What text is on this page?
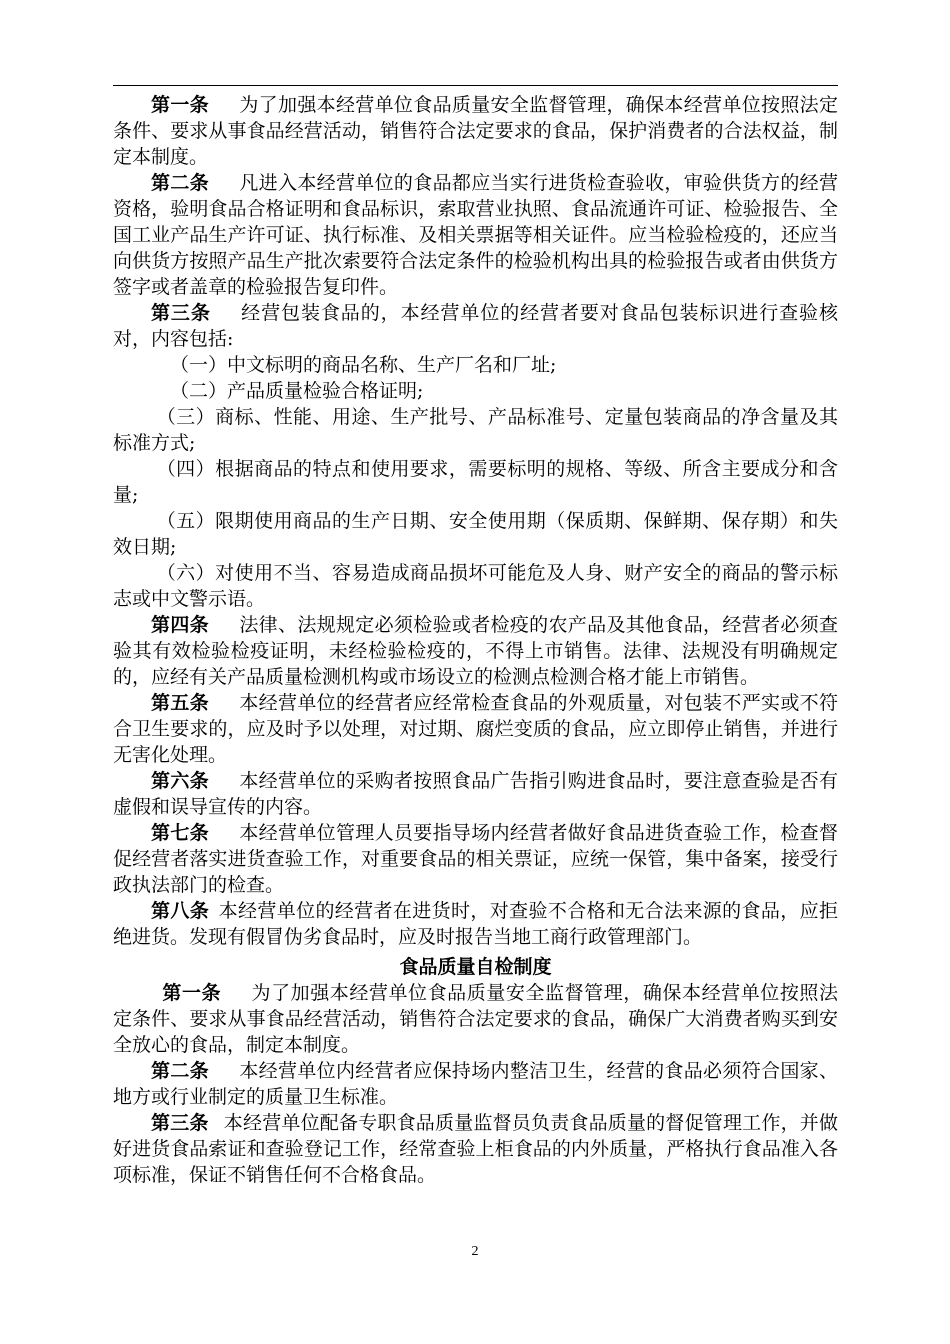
第一条 为了加强本经营单位食品质量安全监督管理，确保本经营单位按照法定条件、要求从事食品经营活动，销售符合法定要求的食品，保护消费者的合法权益，制定本制度。

第二条 凡进入本经营单位的食品都应当实行进货检查验收，审验供货方的经营资格，验明食品合格证明和食品标识，索取营业执照、食品流通许可证、检验报告、全国工业产品生产许可证、执行标准、及相关票据等相关证件。应当检验检疫的，还应当向供货方按照产品生产批次索要符合法定条件的检验机构出具的检验报告或者由供货方签字或者盖章的检验报告复印件。

第三条 经营包装食品的，本经营单位的经营者要对食品包装标识进行查验核对，内容包括:

（一）中文标明的商品名称、生产厂名和厂址;

（二）产品质量检验合格证明;

（三）商标、性能、用途、生产批号、产品标准号、定量包装商品的净含量及其标准方式;

（四）根据商品的特点和使用要求，需要标明的规格、等级、所含主要成分和含量;

（五）限期使用商品的生产日期、安全使用期（保质期、保鲜期、保存期）和失效日期;

（六）对使用不当、容易造成商品损坏可能危及人身、财产安全的商品的警示标志或中文警示语。

第四条 法律、法规规定必须检验或者检疫的农产品及其他食品，经营者必须查验其有效检验检疫证明，未经检验检疫的，不得上市销售。法律、法规没有明确规定的，应经有关产品质量检测机构或市场设立的检测点检测合格才能上市销售。

第五条 本经营单位的经营者应经常检查食品的外观质量，对包装不严实或不符合卫生要求的，应及时予以处理，对过期、腐烂变质的食品，应立即停止销售，并进行无害化处理。

第六条 本经营单位的采购者按照食品广告指引购进食品时，要注意查验是否有虚假和误导宣传的内容。

第七条 本经营单位管理人员要指导场内经营者做好食品进货查验工作，检查督促经营者落实进货查验工作，对重要食品的相关票证，应统一保管，集中备案，接受行政执法部门的检查。

第八条 本经营单位的经营者在进货时，对查验不合格和无合法来源的食品，应拒绝进货。发现有假冒伪劣食品时，应及时报告当地工商行政管理部门。

食品质量自检制度

第一条 为了加强本经营单位食品质量安全监督管理，确保本经营单位按照法定条件、要求从事食品经营活动，销售符合法定要求的食品，确保广大消费者购买到安全放心的食品，制定本制度。

第二条 本经营单位内经营者应保持场内整洁卫生，经营的食品必须符合国家、地方或行业制定的质量卫生标准。

第三条 本经营单位配备专职食品质量监督员负责食品质量的督促管理工作，并做好进货食品索证和查验登记工作，经常查验上柜食品的内外质量，严格执行食品准入各项标准，保证不销售任何不合格食品。

2
